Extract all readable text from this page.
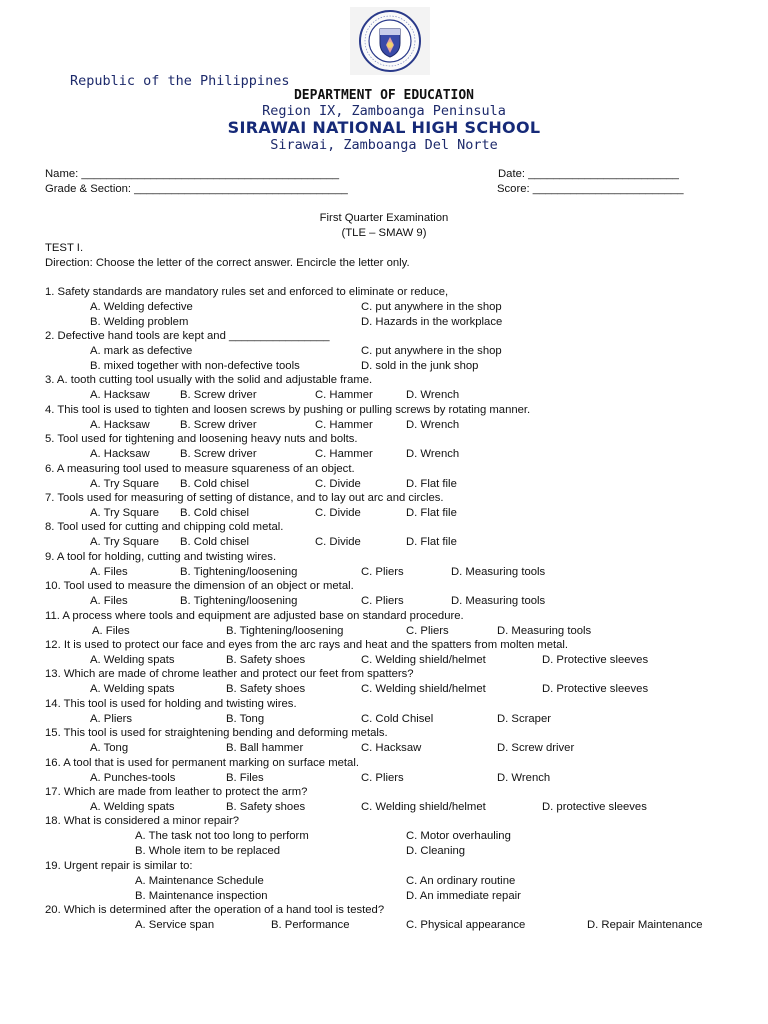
Republic of the Philippines
DEPARTMENT OF EDUCATION
Region IX, Zamboanga Peninsula
SIRAWAI NATIONAL HIGH SCHOOL
Sirawai, Zamboanga Del Norte
Name: _________________________________________	Date: ________________________
Grade & Section: __________________________________	Score: ________________________
First Quarter Examination
(TLE – SMAW 9)
TEST I.
Direction: Choose the letter of the correct answer. Encircle the letter only.
1. Safety standards are mandatory rules set and enforced to eliminate or reduce,
A. Welding defective	C. put anywhere in the shop
B. Welding problem	D. Hazards in the workplace
2. Defective hand tools are kept and ________________
A. mark as defective	C. put anywhere in the shop
B. mixed together with non-defective tools	D. sold in the junk shop
3. A. tooth cutting tool usually with the solid and adjustable frame.
A. Hacksaw	B. Screw driver	C. Hammer	D. Wrench
4. This tool is used to tighten and loosen screws by pushing or pulling screws by rotating manner.
A. Hacksaw	B. Screw driver	C. Hammer	D. Wrench
5. Tool used for tightening and loosening heavy nuts and bolts.
A. Hacksaw	B. Screw driver	C. Hammer	D. Wrench
6. A measuring tool used to measure squareness of an object.
A. Try Square B. Cold chisel	C. Divide	D. Flat file
7. Tools used for measuring of setting of distance, and to lay out arc and circles.
A. Try Square B. Cold chisel	C. Divide	D. Flat file
8. Tool used for cutting and chipping cold metal.
A. Try Square B. Cold chisel	C. Divide	D. Flat file
9. A tool for holding, cutting and twisting wires.
A. Files	B. Tightening/loosening	C. Pliers	D. Measuring tools
10. Tool used to measure the dimension of an object or metal.
A. Files	B. Tightening/loosening	C. Pliers	D. Measuring tools
11. A process where tools and equipment are adjusted base on standard procedure.
A. Files	B. Tightening/loosening	C. Pliers	D. Measuring tools
12. It is used to protect our face and eyes from the arc rays and heat and the spatters from molten metal.
A. Welding spats	B. Safety shoes	C. Welding shield/helmet	D. Protective sleeves
13. Which are made of chrome leather and protect our feet from spatters?
A. Welding spats	B. Safety shoes	C. Welding shield/helmet	D. Protective sleeves
14. This tool is used for holding and twisting wires.
A. Pliers	B. Tong	C. Cold Chisel	D. Scraper
15. This tool is used for straightening bending and deforming metals.
A. Tong	B. Ball hammer	C. Hacksaw	D. Screw driver
16. A tool that is used for permanent marking on surface metal.
A. Punches-tools	B. Files	C. Pliers	D. Wrench
17. Which are made from leather to protect the arm?
A. Welding spats	B. Safety shoes	C. Welding shield/helmet	D. protective sleeves
18. What is considered a minor repair?
A. The task not too long to perform	C. Motor overhauling
B. Whole item to be replaced	D. Cleaning
19. Urgent repair is similar to:
A. Maintenance Schedule	C. An ordinary routine
B. Maintenance inspection	D. An immediate repair
20. Which is determined after the operation of a hand tool is tested?
A. Service span	B. Performance	C. Physical appearance	D. Repair Maintenance
